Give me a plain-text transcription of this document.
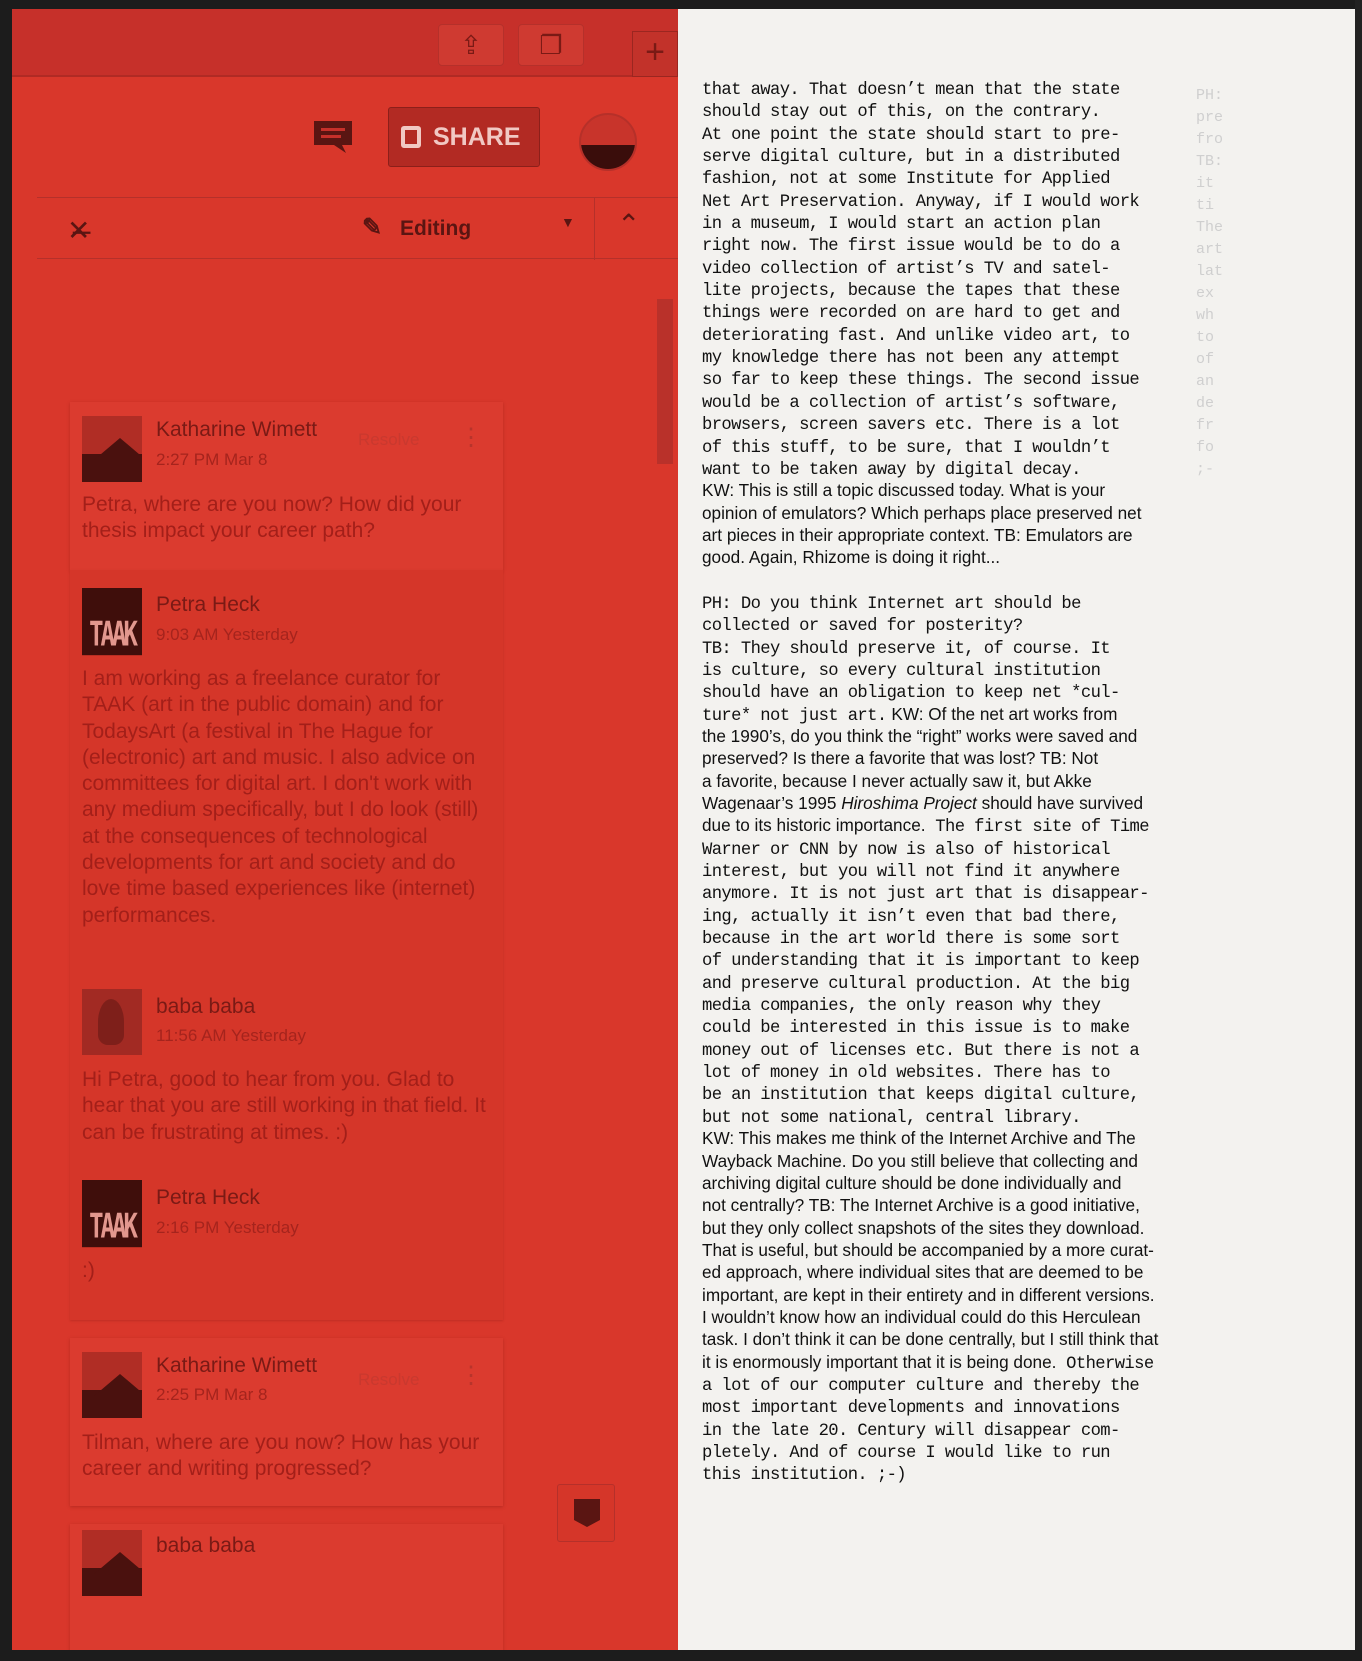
⇪	❐	+
SHARE
✕̶	✎ Editing	▼ ⌃
Katharine Wimett
2:27 PM Mar 8
Resolve ⋮
Petra, where are you now? How did your thesis impact your career path?
TAAK
Petra Heck
9:03 AM Yesterday
I am working as a freelance curator for TAAK (art in the public domain) and for TodaysArt (a festival in The Hague for (electronic) art and music. I also advice on committees for digital art. I don't work with any medium specifically, but I do look (still) at the consequences of technological developments for art and society and do love time based experiences like (internet) performances.
baba baba
11:56 AM Yesterday
Hi Petra, good to hear from you. Glad to hear that you are still working in that field. It can be frustrating at times. :)
TAAK
Petra Heck
2:16 PM Yesterday
:)
Katharine Wimett
2:25 PM Mar 8
Resolve ⋮
Tilman, where are you now? How has your career and writing progressed?
baba baba
PH:
pre
fro
TB:
it
ti
The
art
lat
ex
wh
to
of
an
de
fr
fo
;-
that away. That doesn’t mean that the state
should stay out of this, on the contrary.
At one point the state should start to pre-
serve digital culture, but in a distributed
fashion, not at some Institute for Applied
Net Art Preservation. Anyway, if I would work
in a museum, I would start an action plan
right now. The first issue would be to do a
video collection of artist’s TV and satel-
lite projects, because the tapes that these
things were recorded on are hard to get and
deteriorating fast. And unlike video art, to
my knowledge there has not been any attempt
so far to keep these things. The second issue
would be a collection of artist’s software,
browsers, screen savers etc. There is a lot
of this stuff, to be sure, that I wouldn’t
want to be taken away by digital decay.
KW: This is still a topic discussed today. What is your
opinion of emulators? Which perhaps place preserved net
art pieces in their appropriate context. TB: Emulators are
good. Again, Rhizome is doing it right...
PH: Do you think Internet art should be
collected or saved for posterity?
TB: They should preserve it, of course. It
is culture, so every cultural institution
should have an obligation to keep net *cul-
ture* not just art. KW: Of the net art works from
the 1990’s, do you think the “right” works were saved and
preserved? Is there a favorite that was lost? TB: Not
a favorite, because I never actually saw it, but Akke
Wagenaar’s 1995 Hiroshima Project should have survived
due to its historic importance. The first site of Time
Warner or CNN by now is also of historical
interest, but you will not find it anywhere
anymore. It is not just art that is disappear-
ing, actually it isn’t even that bad there,
because in the art world there is some sort
of understanding that it is important to keep
and preserve cultural production. At the big
media companies, the only reason why they
could be interested in this issue is to make
money out of licenses etc. But there is not a
lot of money in old websites. There has to
be an institution that keeps digital culture,
but not some national, central library.
KW: This makes me think of the Internet Archive and The
Wayback Machine. Do you still believe that collecting and
archiving digital culture should be done individually and
not centrally? TB: The Internet Archive is a good initiative,
but they only collect snapshots of the sites they download.
That is useful, but should be accompanied by a more curat-
ed approach, where individual sites that are deemed to be
important, are kept in their entirety and in different versions.
I wouldn’t know how an individual could do this Herculean
task. I don’t think it can be done centrally, but I still think that
it is enormously important that it is being done. Otherwise
a lot of our computer culture and thereby the
most important developments and innovations
in the late 20. Century will disappear com-
pletely. And of course I would like to run
this institution. ;-)
